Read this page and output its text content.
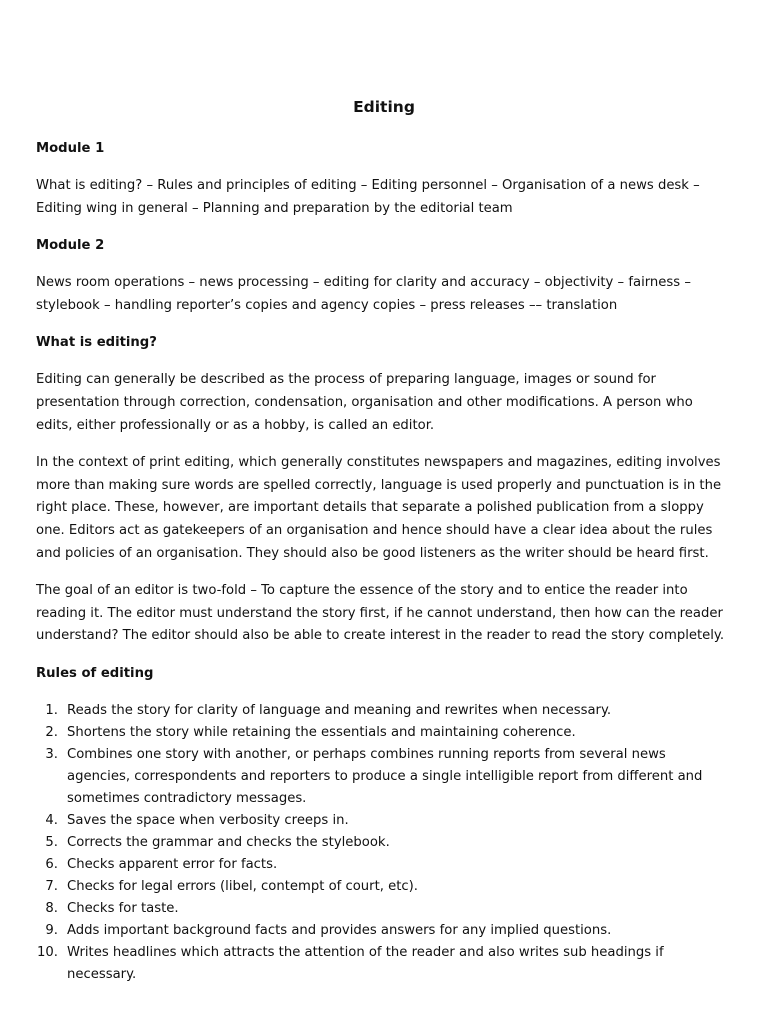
Editing
Module 1
What is editing? – Rules and principles of editing – Editing personnel – Organisation of a news desk – Editing wing in general – Planning and preparation by the editorial team
Module 2
News room operations – news processing – editing for clarity and accuracy – objectivity – fairness – stylebook – handling reporter’s copies and agency copies – press releases –– translation
What is editing?
Editing can generally be described as the process of preparing language, images or sound for presentation through correction, condensation, organisation and other modifications. A person who edits, either professionally or as a hobby, is called an editor.
In the context of print editing, which generally constitutes newspapers and magazines, editing involves more than making sure words are spelled correctly, language is used properly and punctuation is in the right place. These, however, are important details that separate a polished publication from a sloppy one. Editors act as gatekeepers of an organisation and hence should have a clear idea about the rules and policies of an organisation. They should also be good listeners as the writer should be heard first.
The goal of an editor is two-fold – To capture the essence of the story and to entice the reader into reading it. The editor must understand the story first, if he cannot understand, then how can the reader understand? The editor should also be able to create interest in the reader to read the story completely.
Rules of editing
1. Reads the story for clarity of language and meaning and rewrites when necessary.
2. Shortens the story while retaining the essentials and maintaining coherence.
3. Combines one story with another, or perhaps combines running reports from several news agencies, correspondents and reporters to produce a single intelligible report from different and sometimes contradictory messages.
4. Saves the space when verbosity creeps in.
5. Corrects the grammar and checks the stylebook.
6. Checks apparent error for facts.
7. Checks for legal errors (libel, contempt of court, etc).
8. Checks for taste.
9. Adds important background facts and provides answers for any implied questions.
10. Writes headlines which attracts the attention of the reader and also writes sub headings if necessary.
